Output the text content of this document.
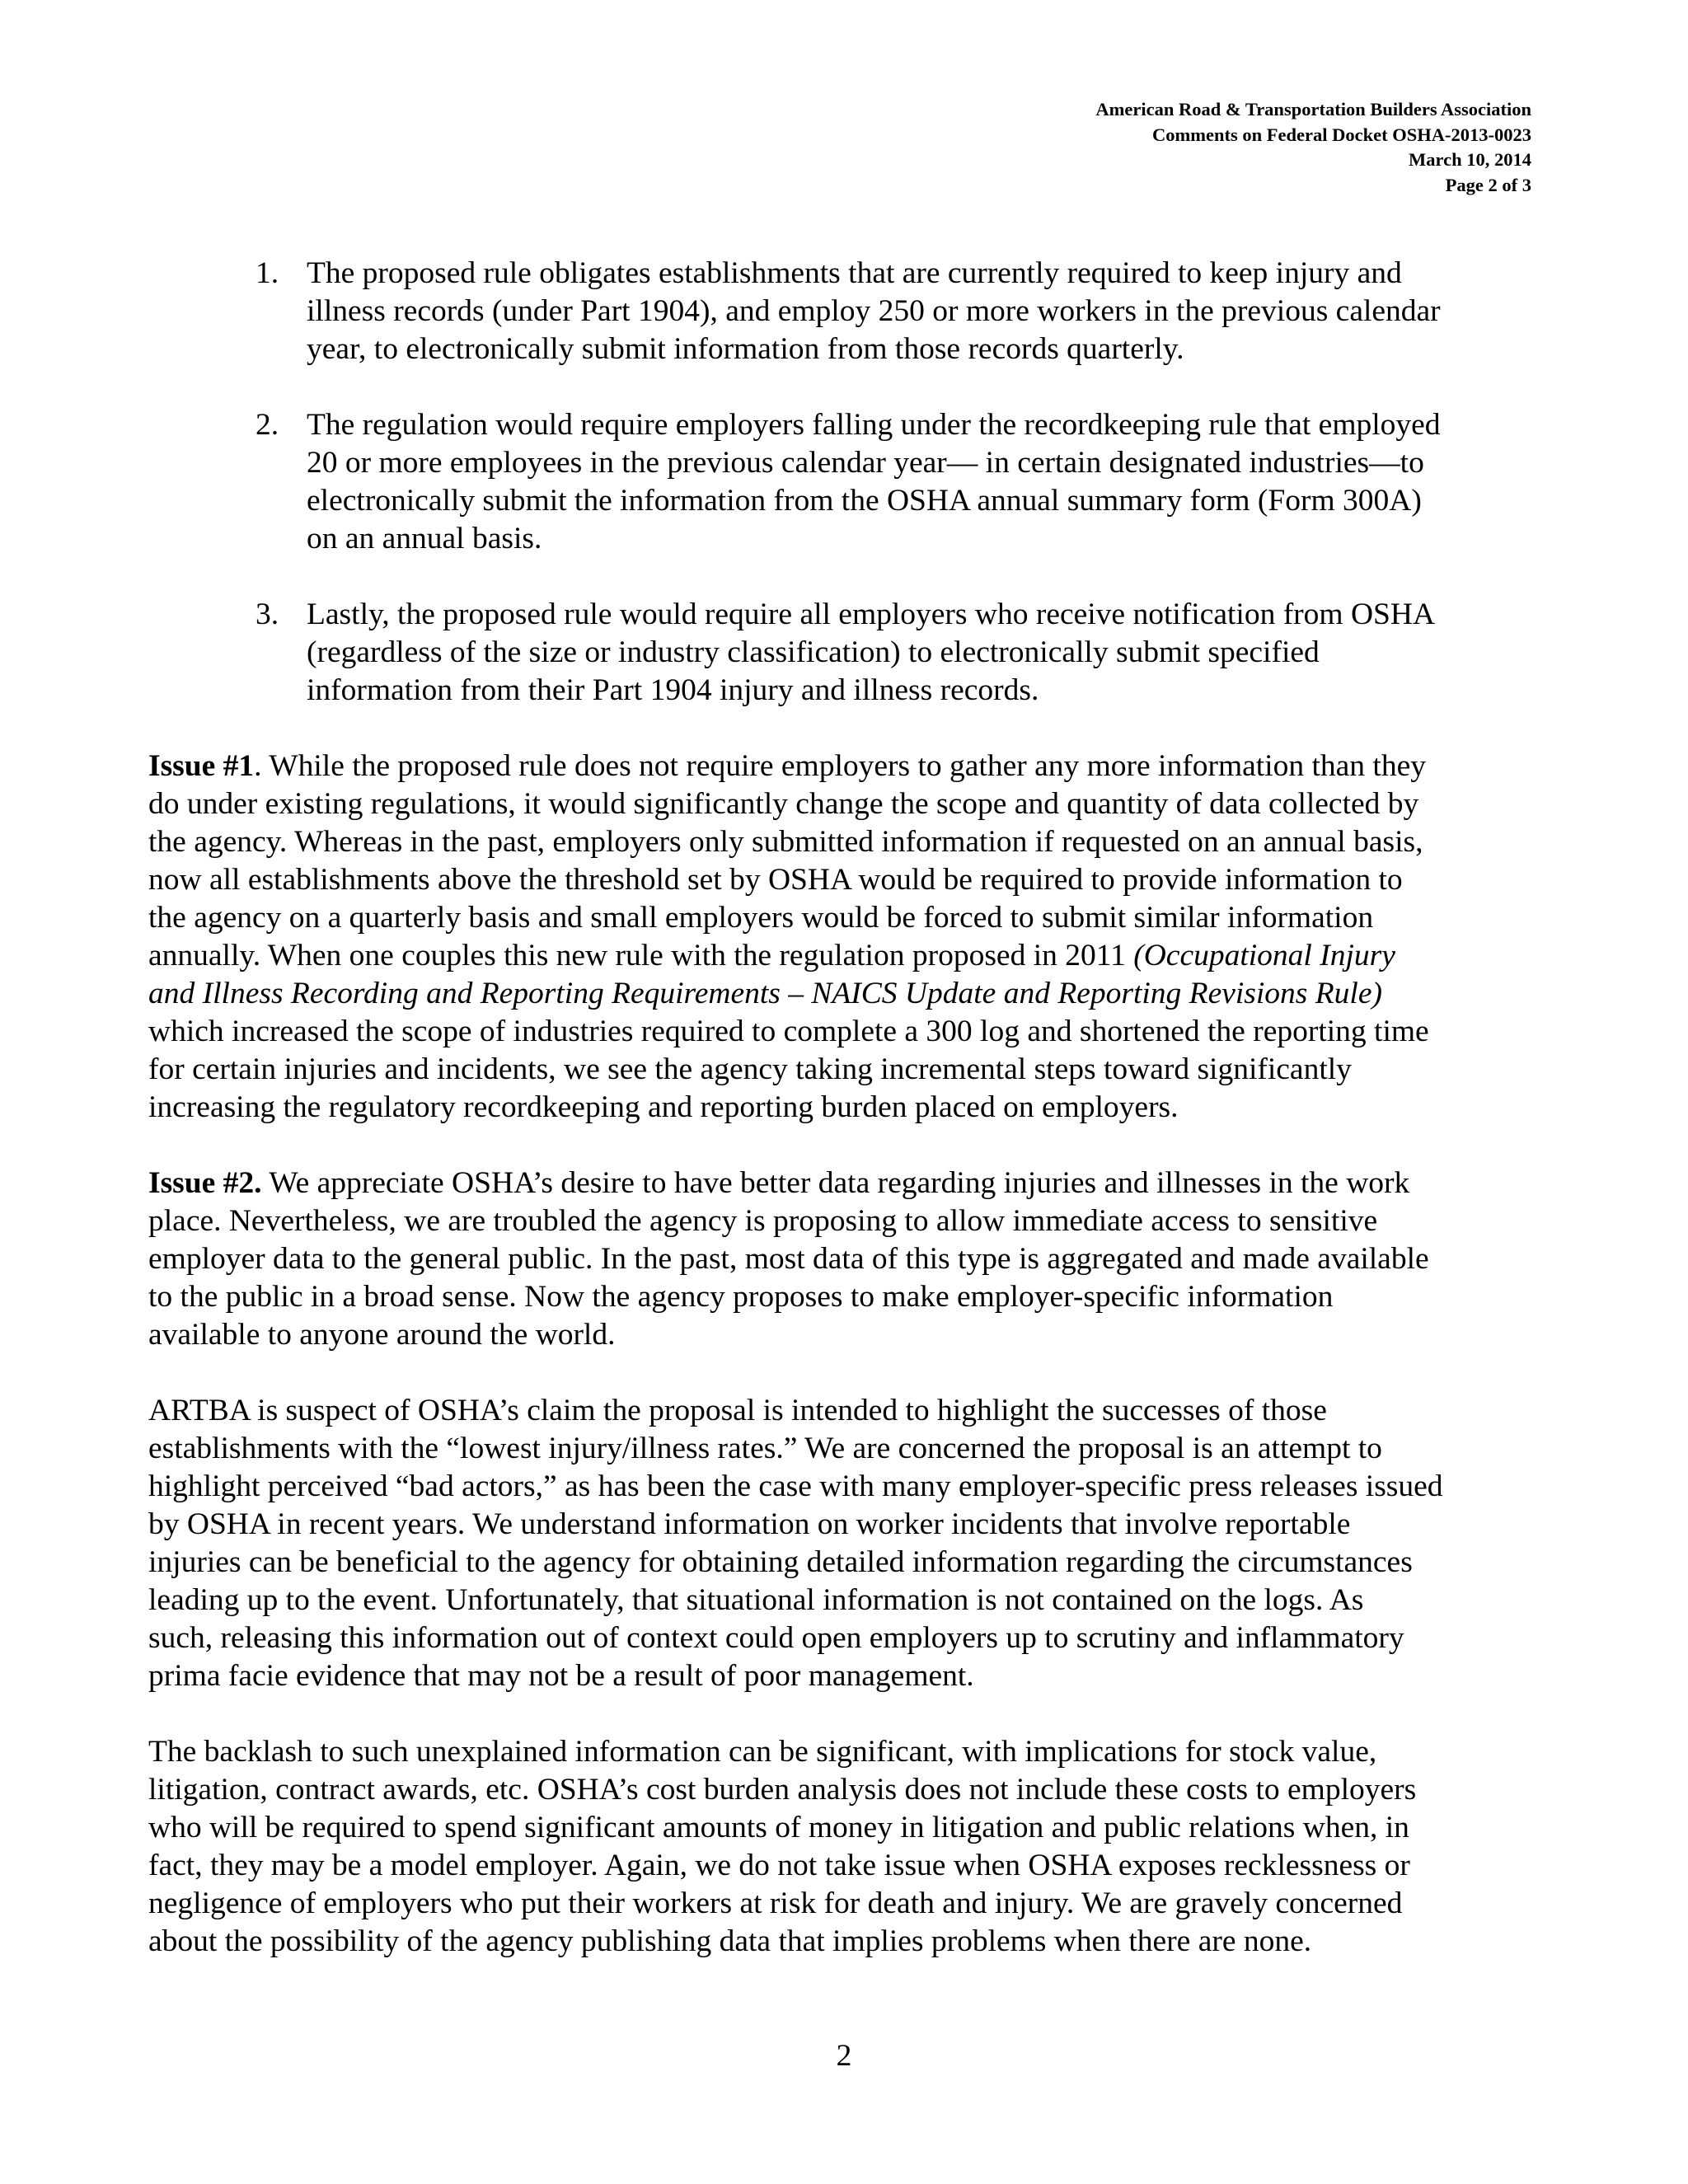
American Road & Transportation Builders Association
Comments on Federal Docket OSHA-2013-0023
March 10, 2014
Page 2 of 3
1. The proposed rule obligates establishments that are currently required to keep injury and
illness records (under Part 1904), and employ 250 or more workers in the previous calendar
year, to electronically submit information from those records quarterly.
2. The regulation would require employers falling under the recordkeeping rule that employed
20 or more employees in the previous calendar year— in certain designated industries—to
electronically submit the information from the OSHA annual summary form (Form 300A)
on an annual basis.
3. Lastly, the proposed rule would require all employers who receive notification from OSHA
(regardless of the size or industry classification) to electronically submit specified
information from their Part 1904 injury and illness records.

Issue #1. While the proposed rule does not require employers to gather any more information than they
do under existing regulations, it would significantly change the scope and quantity of data collected by
the agency. Whereas in the past, employers only submitted information if requested on an annual basis,
now all establishments above the threshold set by OSHA would be required to provide information to
the agency on a quarterly basis and small employers would be forced to submit similar information
annually. When one couples this new rule with the regulation proposed in 2011 (Occupational Injury
and Illness Recording and Reporting Requirements – NAICS Update and Reporting Revisions Rule)
which increased the scope of industries required to complete a 300 log and shortened the reporting time
for certain injuries and incidents, we see the agency taking incremental steps toward significantly
increasing the regulatory recordkeeping and reporting burden placed on employers.

Issue #2. We appreciate OSHA’s desire to have better data regarding injuries and illnesses in the work
place. Nevertheless, we are troubled the agency is proposing to allow immediate access to sensitive
employer data to the general public. In the past, most data of this type is aggregated and made available
to the public in a broad sense. Now the agency proposes to make employer-specific information
available to anyone around the world.

ARTBA is suspect of OSHA’s claim the proposal is intended to highlight the successes of those
establishments with the “lowest injury/illness rates.” We are concerned the proposal is an attempt to
highlight perceived “bad actors,” as has been the case with many employer-specific press releases issued
by OSHA in recent years. We understand information on worker incidents that involve reportable
injuries can be beneficial to the agency for obtaining detailed information regarding the circumstances
leading up to the event. Unfortunately, that situational information is not contained on the logs. As
such, releasing this information out of context could open employers up to scrutiny and inflammatory
prima facie evidence that may not be a result of poor management.

The backlash to such unexplained information can be significant, with implications for stock value,
litigation, contract awards, etc. OSHA’s cost burden analysis does not include these costs to employers
who will be required to spend significant amounts of money in litigation and public relations when, in
fact, they may be a model employer. Again, we do not take issue when OSHA exposes recklessness or
negligence of employers who put their workers at risk for death and injury. We are gravely concerned
about the possibility of the agency publishing data that implies problems when there are none.

2
